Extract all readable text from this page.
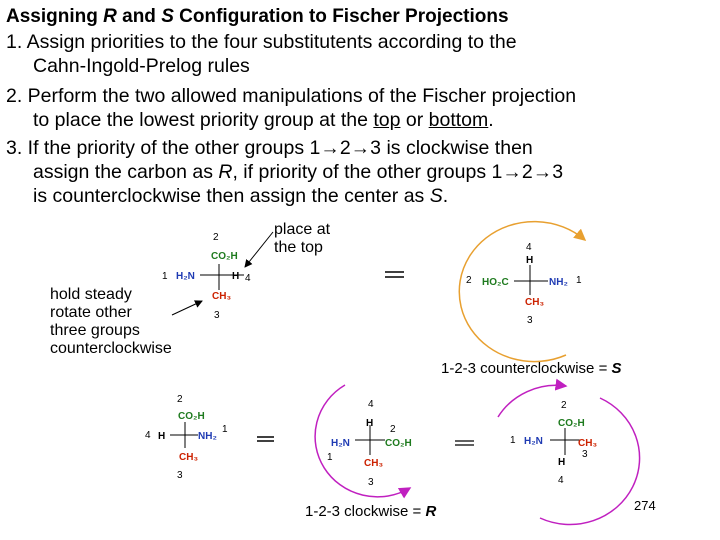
Assigning R and S Configuration to Fischer Projections
1. Assign priorities to the four substitutents according to the
Cahn-Ingold-Prelog rules
2. Perform the two allowed manipulations of the Fischer projection
to place the lowest priority group at the top or bottom.
3. If the priority of the other groups 1→2→3 is clockwise then
assign the carbon as R, if priority of the other groups 1→2→3
is counterclockwise then assign the center as S.
place at
the top
hold steady
rotate other
three groups
counterclockwise
1-2-3 counterclockwise = S
1-2-3 clockwise = R	274
2
CO₂H
1 H₂N	H 4
CH₃
3
4
H
2 HO₂C	NH₂ 1
CH₃
3
2
CO₂H
4 H	NH₂
1
CH₃
3
4
H
2
H₂N	CO₂H
1
CH₃
3
2
CO₂H
1 H₂N	CH₃
3
H
4
